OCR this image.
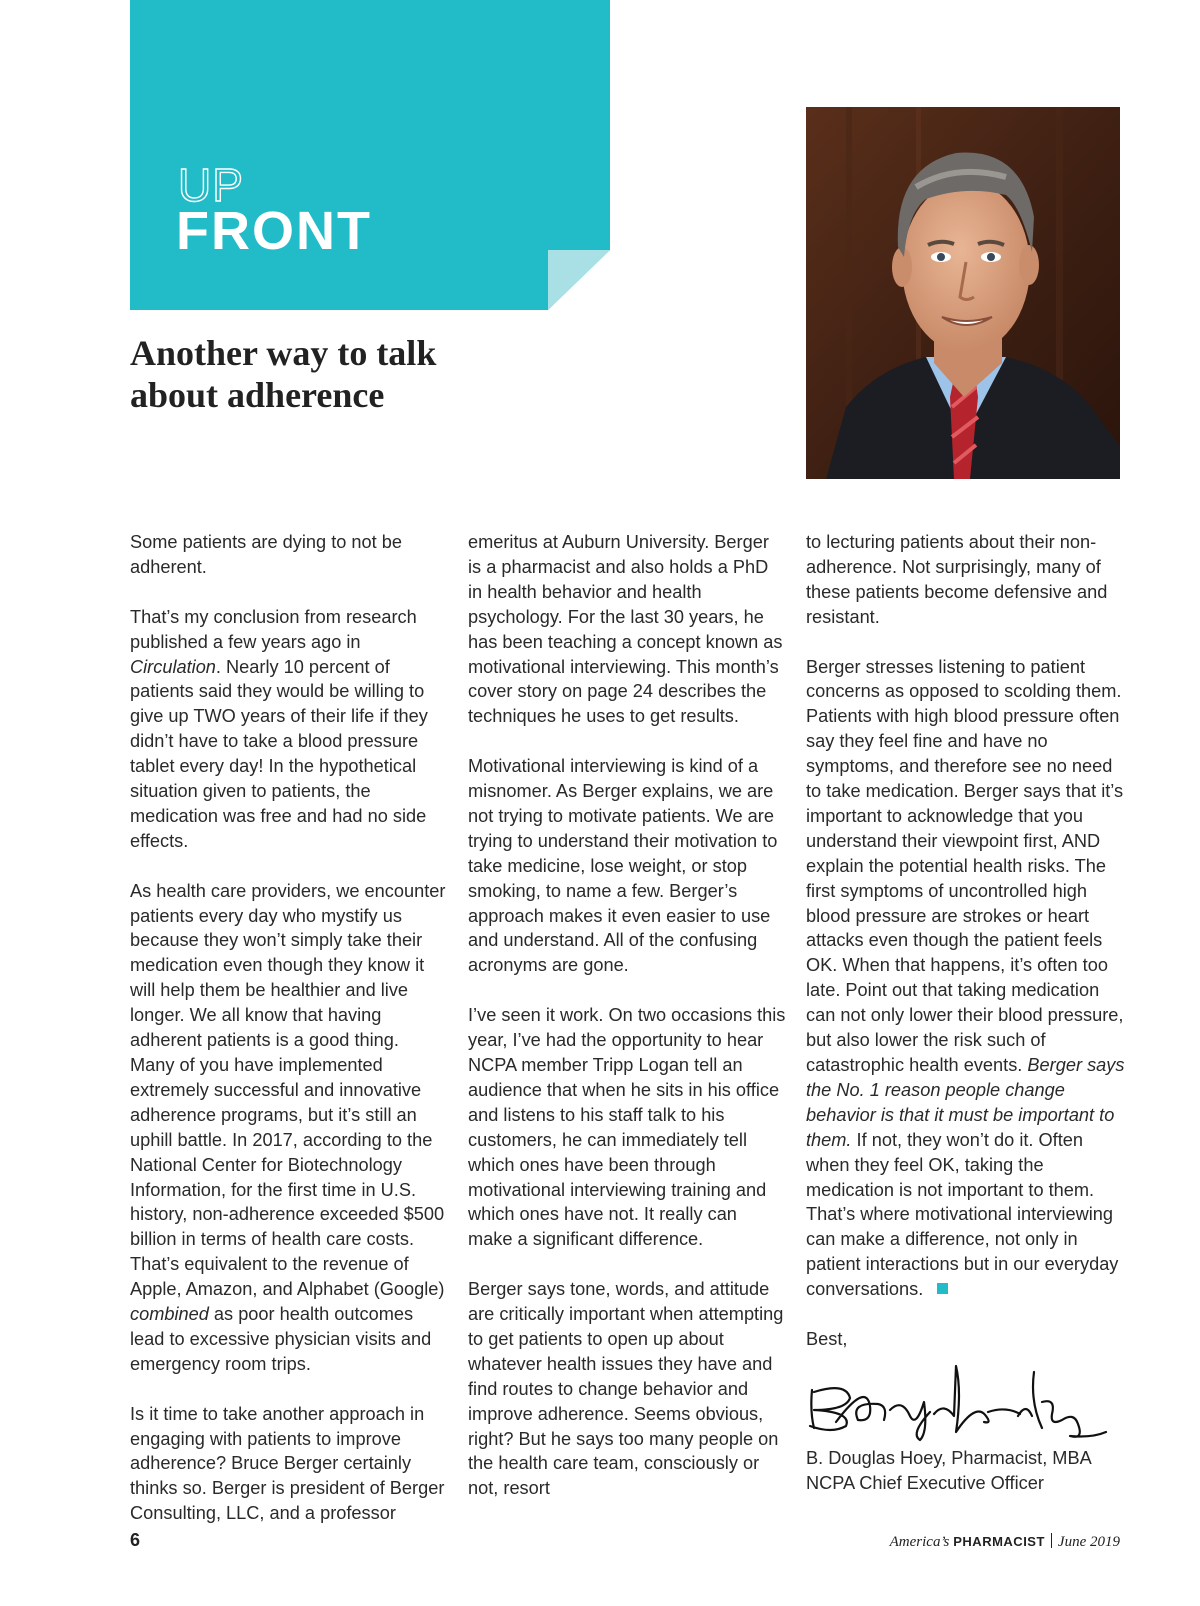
UP
FRONT
Another way to talk
about adherence

Some patients are dying to not be adherent.

That’s my conclusion from research published a few years ago in Circulation. Nearly 10 percent of patients said they would be willing to give up TWO years of their life if they didn’t have to take a blood pressure tablet every day! In the hypothetical situation given to patients, the medication was free and had no side effects.

As health care providers, we encounter patients every day who mystify us because they won’t simply take their medication even though they know it will help them be healthier and live longer. We all know that having adherent patients is a good thing. Many of you have implemented extremely successful and innovative adherence programs, but it’s still an uphill battle. In 2017, according to the National Center for Biotechnology Information, for the first time in U.S. history, non-adherence exceeded $500 billion in terms of health care costs. That’s equivalent to the revenue of Apple, Amazon, and Alphabet (Google) combined as poor health outcomes lead to excessive physician visits and emergency room trips.

Is it time to take another approach in engaging with patients to improve adherence? Bruce Berger certainly thinks so. Berger is president of Berger Consulting, LLC, and a professor

emeritus at Auburn University. Berger is a pharmacist and also holds a PhD in health behavior and health psychology. For the last 30 years, he has been teaching a concept known as motivational interviewing. This month’s cover story on page 24 describes the techniques he uses to get results.

Motivational interviewing is kind of a misnomer. As Berger explains, we are not trying to motivate patients. We are trying to understand their motivation to take medicine, lose weight, or stop smoking, to name a few. Berger’s approach makes it even easier to use and understand. All of the confusing acronyms are gone.

I’ve seen it work. On two occasions this year, I’ve had the opportunity to hear NCPA member Tripp Logan tell an audience that when he sits in his office and listens to his staff talk to his customers, he can immediately tell which ones have been through motivational interviewing training and which ones have not. It really can make a significant difference.

Berger says tone, words, and attitude are critically important when attempting to get patients to open up about whatever health issues they have and find routes to change behavior and improve adherence. Seems obvious, right? But he says too many people on the health care team, consciously or not, resort

to lecturing patients about their non-adherence. Not surprisingly, many of these patients become defensive and resistant.

Berger stresses listening to patient concerns as opposed to scolding them. Patients with high blood pressure often say they feel fine and have no symptoms, and therefore see no need to take medication. Berger says that it’s important to acknowledge that you understand their viewpoint first, AND explain the potential health risks. The first symptoms of uncontrolled high blood pressure are strokes or heart attacks even though the patient feels OK. When that happens, it’s often too late. Point out that taking medication can not only lower their blood pressure, but also lower the risk such of catastrophic health events. Berger says the No. 1 reason people change behavior is that it must be important to them. If not, they won’t do it. Often when they feel OK, taking the medication is not important to them. That’s where motivational interviewing can make a difference, not only in patient interactions but in our everyday conversations.

Best,

B. Douglas Hoey, Pharmacist, MBA
NCPA Chief Executive Officer
6	America’s PHARMACIST June 2019
